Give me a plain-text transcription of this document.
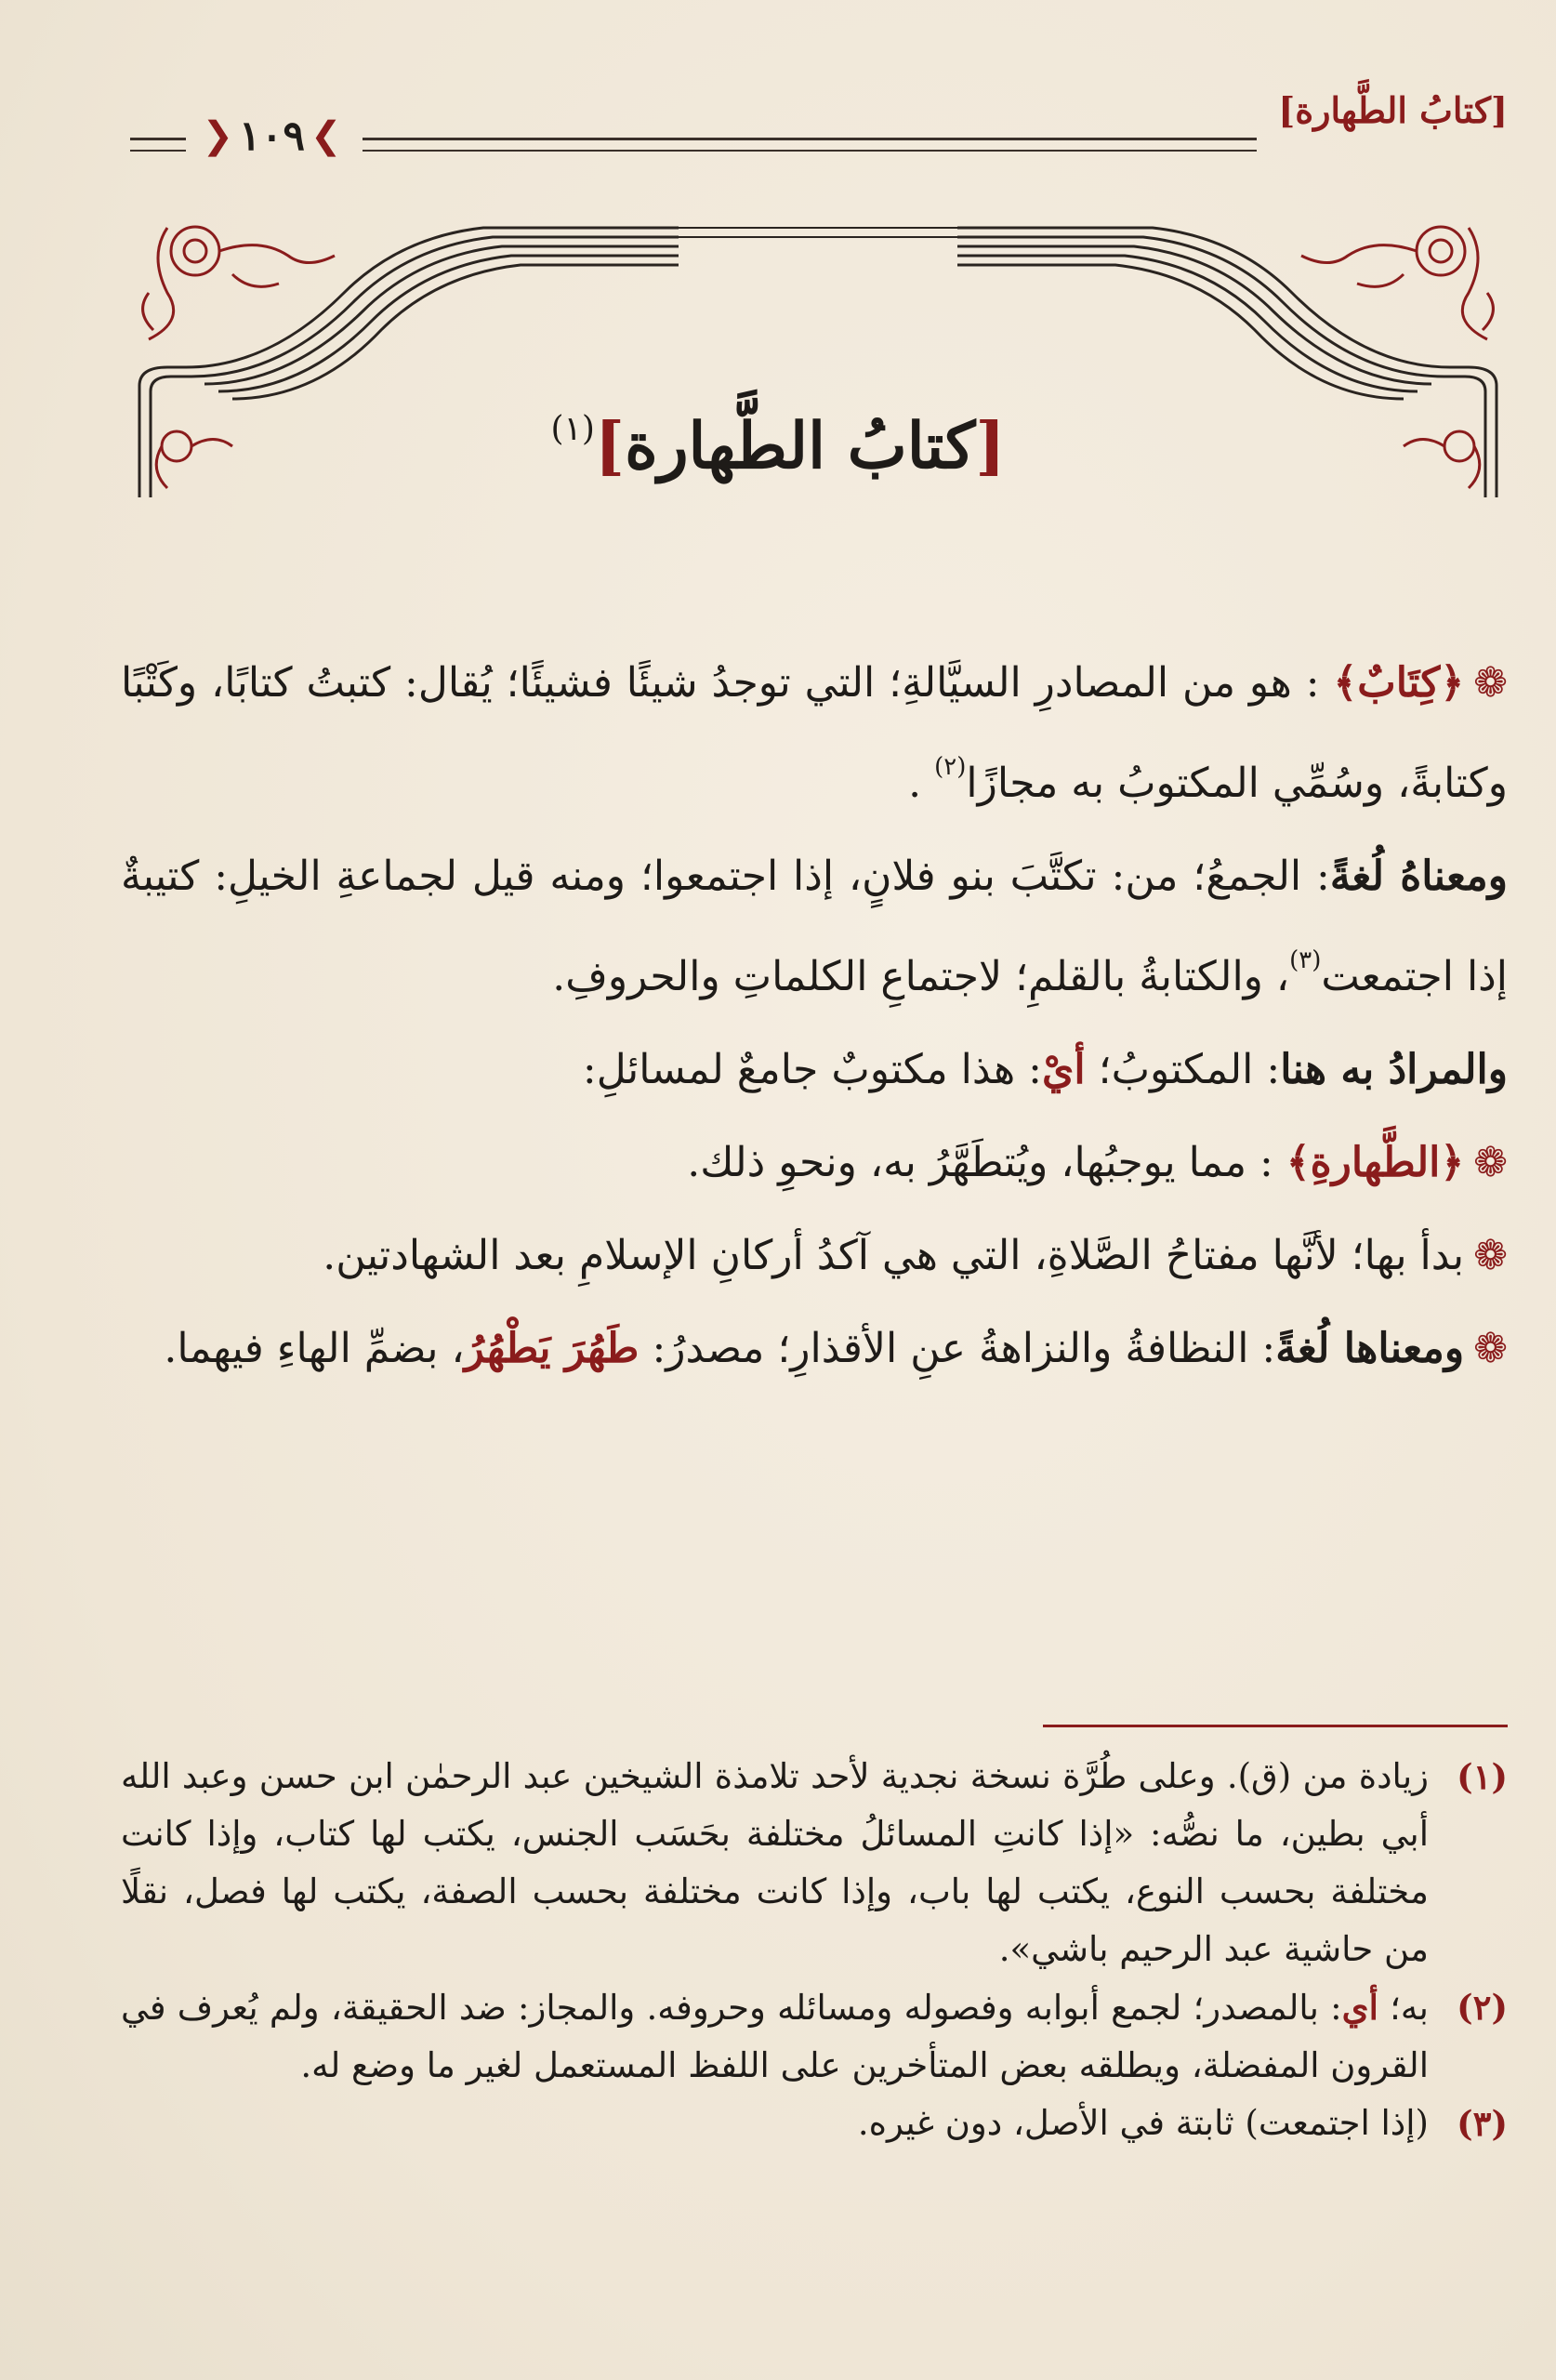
[كتابُ الطَّهارة]
❯
١٠٩
❮
[كتابُ الطَّهارة]$^{(١)}$

❁﴿كِتَابٌ﴾ : هو من المصادرِ السيَّالةِ؛ التي توجدُ شيئًا فشيئًا؛ يُقال: كتبتُ كتابًا، وكَتْبًا وكتابةً، وسُمِّي المكتوبُ به مجازًا$^{(٢)}$ .

ومعناهُ لُغةً: الجمعُ؛ من: تكتَّبَ بنو فلانٍ، إذا اجتمعوا؛ ومنه قيل لجماعةِ الخيلِ: كتيبةٌ إذا اجتمعت$^{(٣)}$، والكتابةُ بالقلمِ؛ لاجتماعِ الكلماتِ والحروفِ.

والمرادُ به هنا: المكتوبُ؛ أيْ: هذا مكتوبٌ جامعٌ لمسائلِ:

❁﴿الطَّهارةِ﴾ : مما يوجبُها، ويُتطَهَّرُ به، ونحوِ ذلك.

❁بدأ بها؛ لأنَّها مفتاحُ الصَّلاةِ، التي هي آكدُ أركانِ الإسلامِ بعد الشهادتين.

❁ومعناها لُغةً: النظافةُ والنزاهةُ عنِ الأقذارِ؛ مصدرُ: طَهُرَ يَطْهُرُ، بضمِّ الهاءِ فيهما.

(١)
زيادة من (ق). وعلى طُرَّة نسخة نجدية لأحد تلامذة الشيخين عبد الرحمٰن ابن حسن وعبد الله أبي بطين، ما نصُّه: «إذا كانتِ المسائلُ مختلفة بحَسَب الجنس، يكتب لها كتاب، وإذا كانت مختلفة بحسب النوع، يكتب لها باب، وإذا كانت مختلفة بحسب الصفة، يكتب لها فصل، نقلًا من حاشية عبد الرحيم باشي».
(٢)
به؛ أي: بالمصدر؛ لجمع أبوابه وفصوله ومسائله وحروفه. والمجاز: ضد الحقيقة، ولم يُعرف في القرون المفضلة، ويطلقه بعض المتأخرين على اللفظ المستعمل لغير ما وضع له.
(٣)
(إذا اجتمعت) ثابتة في الأصل، دون غيره.
